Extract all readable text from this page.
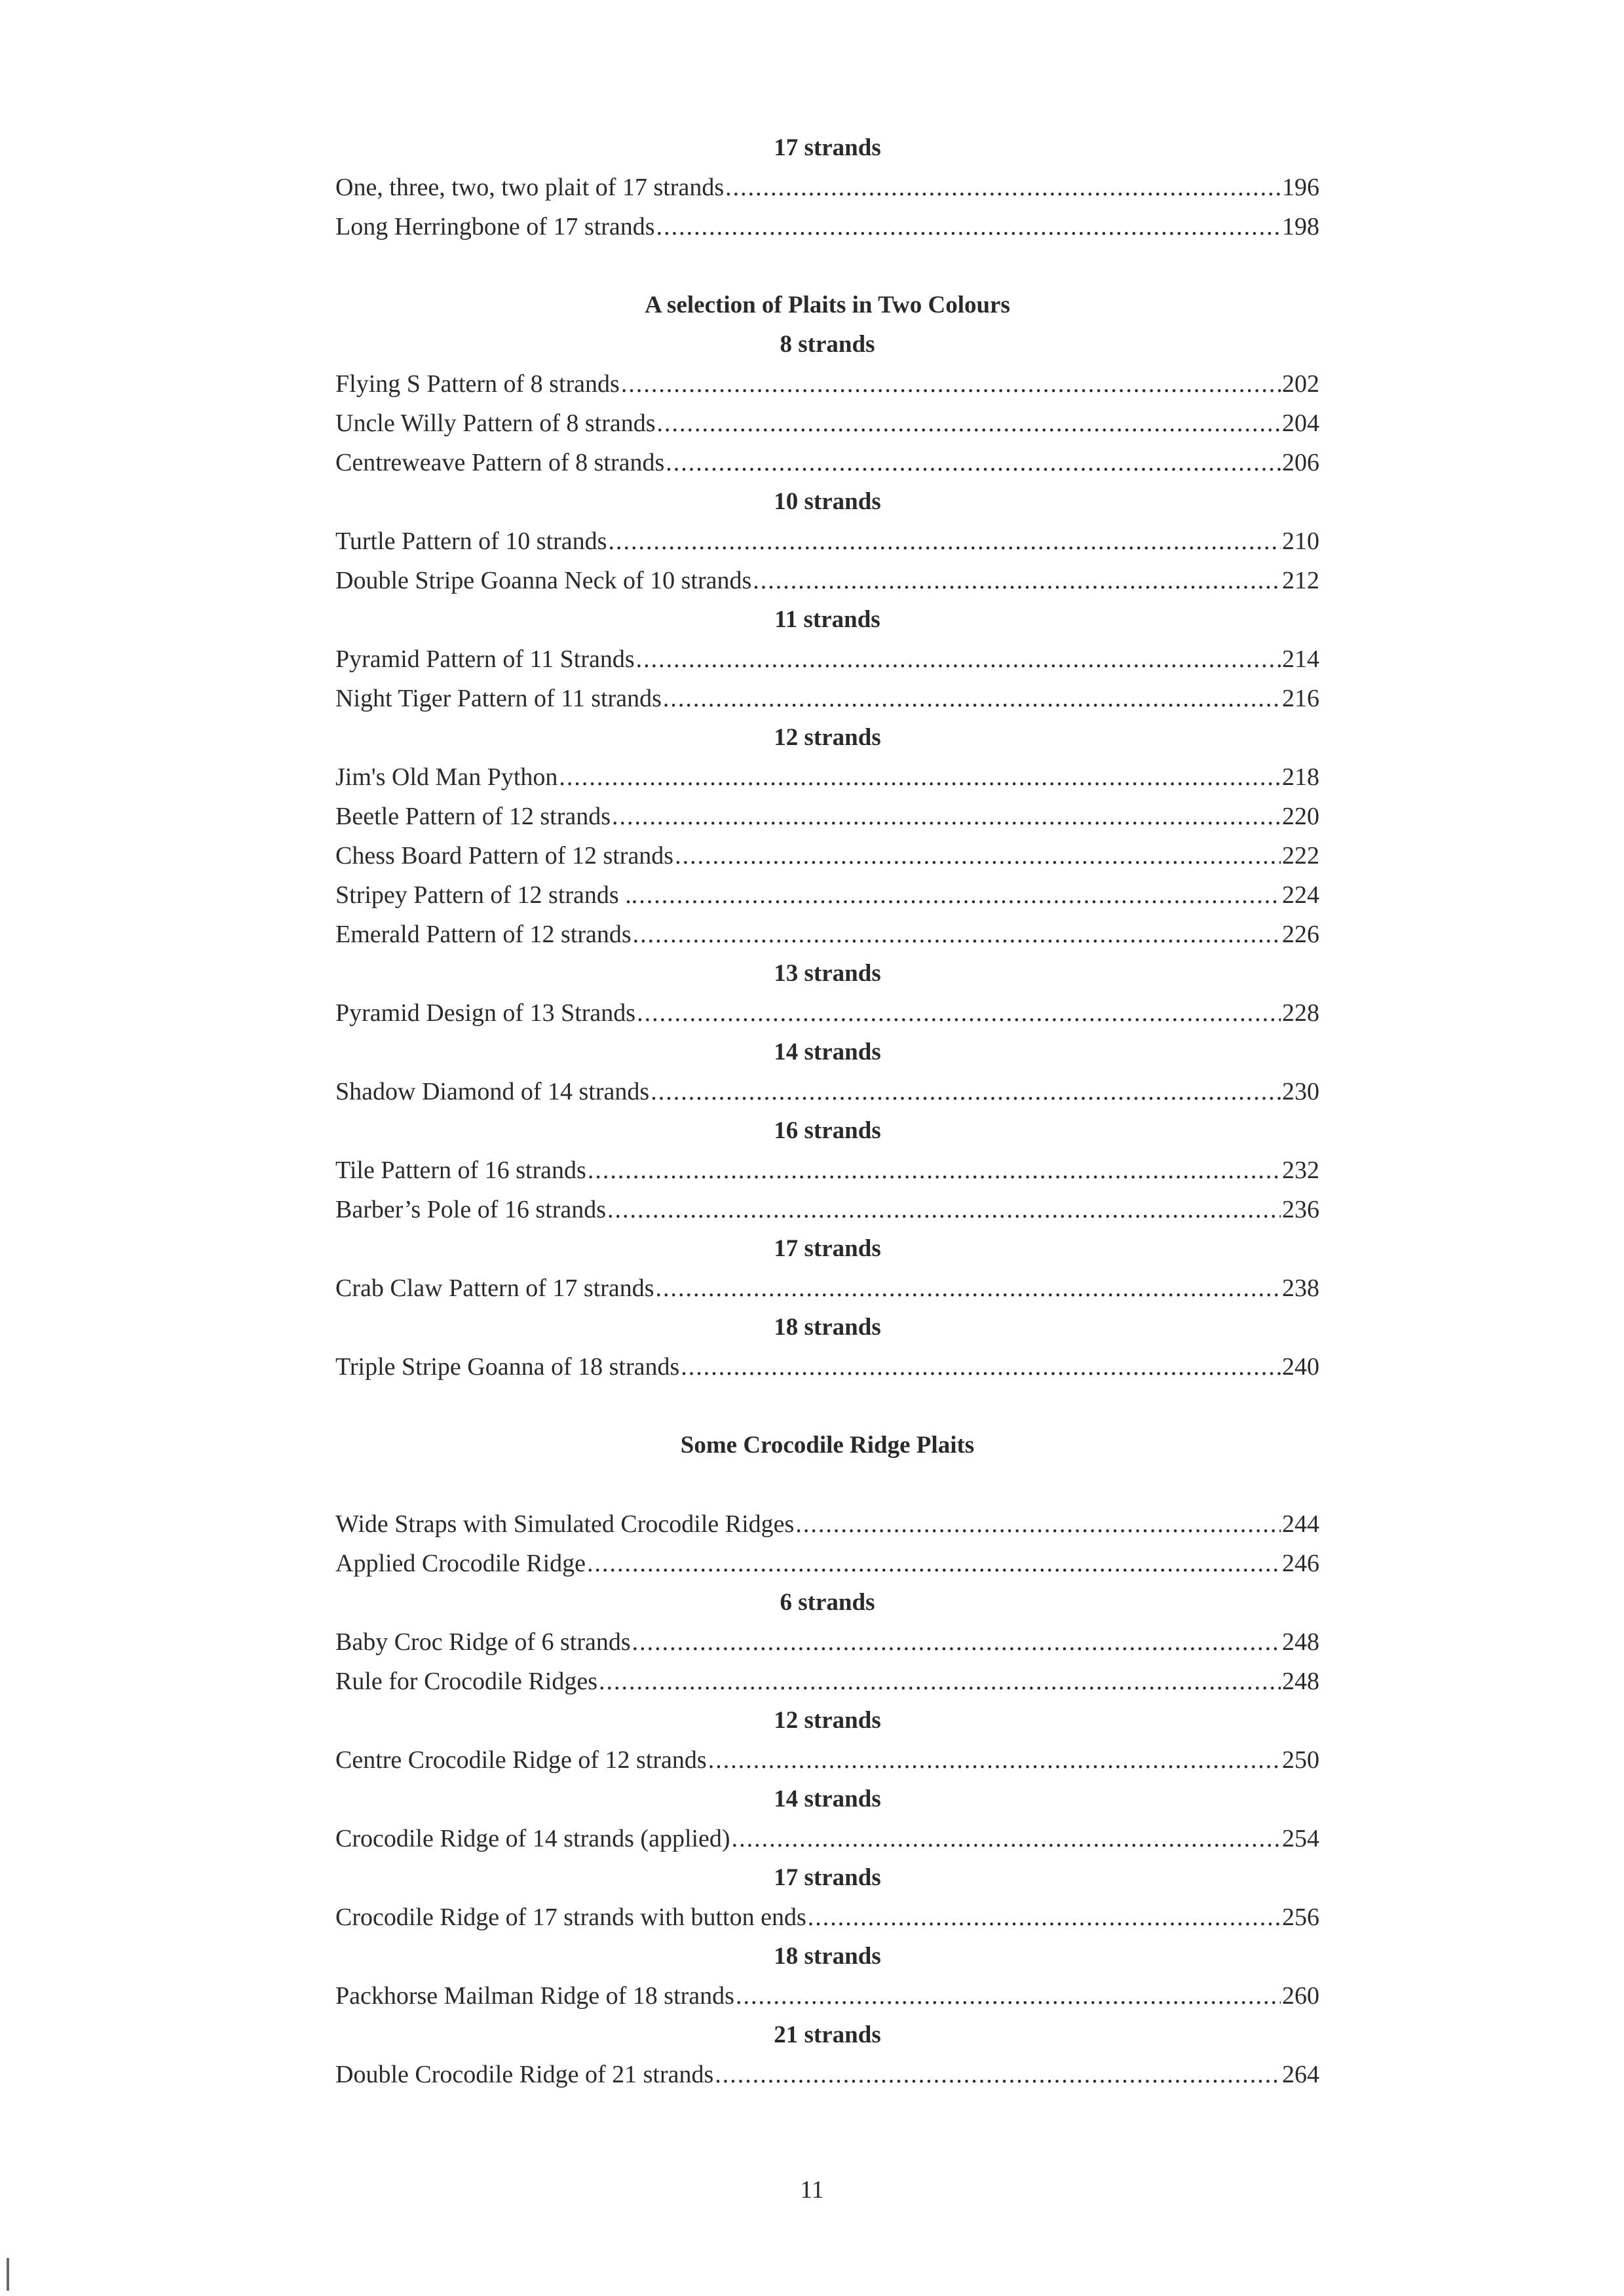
17 strands
One, three, two, two plait of 17 strands .....	196
Long Herringbone of 17 strands .....	198
A selection of Plaits in Two Colours
8 strands
Flying S Pattern of 8 strands .....	202
Uncle Willy Pattern of 8 strands .....	204
Centreweave Pattern of 8 strands .....	206
10 strands
Turtle Pattern of 10 strands .....	210
Double Stripe Goanna Neck of 10 strands .....	212
11 strands
Pyramid Pattern of 11 Strands .....	214
Night Tiger Pattern of 11 strands .....	216
12 strands
Jim's Old Man Python .....	218
Beetle Pattern of 12 strands .....	220
Chess Board Pattern of 12 strands .....	222
Stripey Pattern of 12 strands .. .....	224
Emerald Pattern of 12 strands .....	226
13 strands
Pyramid Design of 13 Strands .....	228
14 strands
Shadow Diamond of 14 strands .....	230
16 strands
Tile Pattern of 16 strands .....	232
Barber’s Pole of 16 strands .....	236
17 strands
Crab Claw Pattern of 17 strands .....	238
18 strands
Triple Stripe Goanna of 18 strands .....	240
Some Crocodile Ridge Plaits
Wide Straps with Simulated Crocodile Ridges .....	244
Applied Crocodile Ridge .....	246
6 strands
Baby Croc Ridge of 6 strands .....	248
Rule for Crocodile Ridges .....	248
12 strands
Centre Crocodile Ridge of 12 strands .....	250
14 strands
Crocodile Ridge of 14 strands (applied) .....	254
17 strands
Crocodile Ridge of 17 strands with button ends .....	256
18 strands
Packhorse Mailman Ridge of 18 strands .....	260
21 strands
Double Crocodile Ridge of 21 strands .....	264
11
